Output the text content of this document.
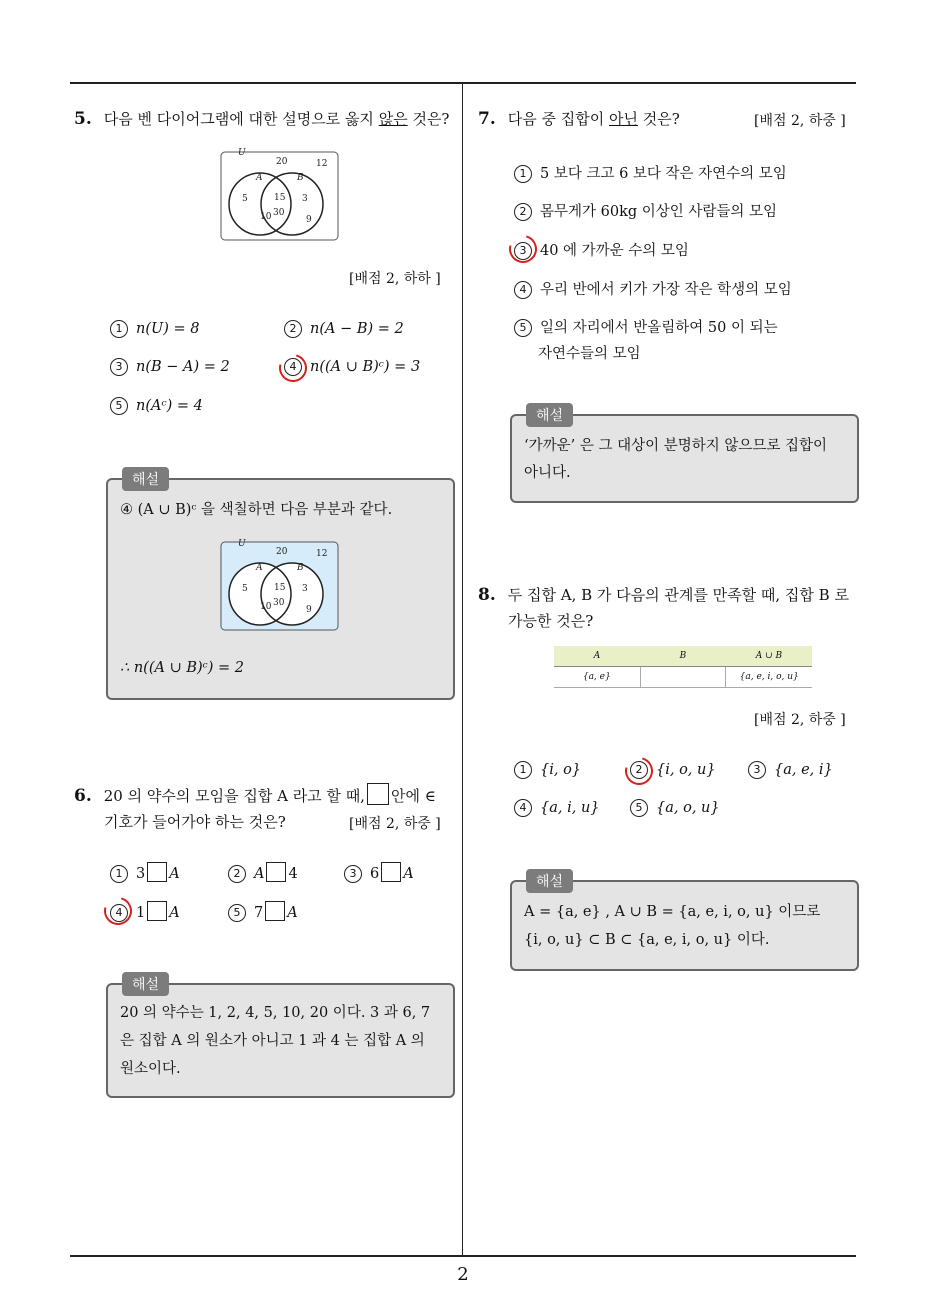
5. 다음 벤 다이어그램에 대한 설명으로 옳지 않은 것은?
U
20	12
A	B
5	15 3
10 30
9
[배점 2, 하하 ]
1 n(U) = 8	2 n(A − B) = 2
3 n(B − A) = 2	4 n((A ∪ B)ᶜ) = 3
5 n(Aᶜ) = 4
해설
④ (A ∪ B)ᶜ 을 색칠하면 다음 부분과 같다.
U
20	12
A	B
5	15 3
10 30
9
∴ n((A ∪ B)ᶜ) = 2
6. 20 의 약수의 모임을 집합 A 라고 할 때, 안에 ∈
기호가 들어가야 하는 것은?	[배점 2, 하중 ]
1 3 A	2 A 4	3 6 A
4 1 A	5 7 A
해설
20 의 약수는 1, 2, 4, 5, 10, 20 이다. 3 과 6, 7
은 집합 A 의 원소가 아니고 1 과 4 는 집합 A 의
원소이다.
7. 다음 중 집합이 아닌 것은?	[배점 2, 하중 ]
1 5 보다 크고 6 보다 작은 자연수의 모임
2 몸무게가 60kg 이상인 사람들의 모임
3 40 에 가까운 수의 모임
4 우리 반에서 키가 가장 작은 학생의 모임
5 일의 자리에서 반올림하여 50 이 되는
자연수들의 모임
해설
‘가까운’ 은 그 대상이 분명하지 않으므로 집합이
아니다.
8. 두 집합 A, B 가 다음의 관계를 만족할 때, 집합 B 로
가능한 것은?
A	B	A ∪ B
{a, e}		{a, e, i, o, u}
[배점 2, 하중 ]
1 {i, o}	2 {i, o, u}	3 {a, e, i}
4 {a, i, u}	5 {a, o, u}
해설
A = {a, e} , A ∪ B = {a, e, i, o, u} 이므로
{i, o, u} ⊂ B ⊂ {a, e, i, o, u} 이다.
2
